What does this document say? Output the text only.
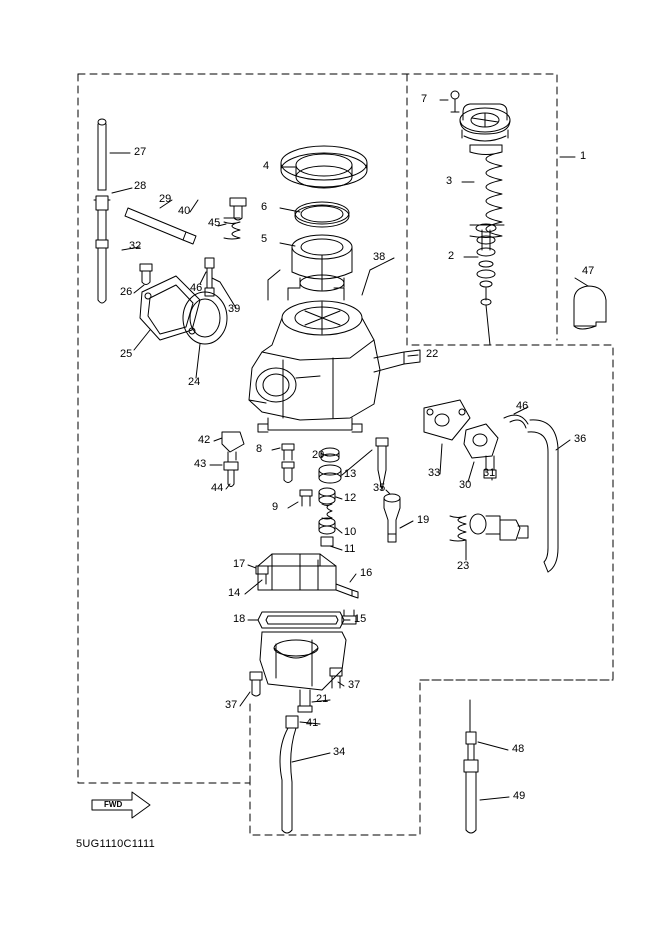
1
2
3
4
5
6
7
8
9
10
11
12
13
14
15
16
17
18
19
20
21
22
23
24
25
26
27
28
29
30
31
32
33
34
35
36
37
37
38
39
40
41
42
43
44
45
46
46
47
48
49
FWD
5UG1110C1111
